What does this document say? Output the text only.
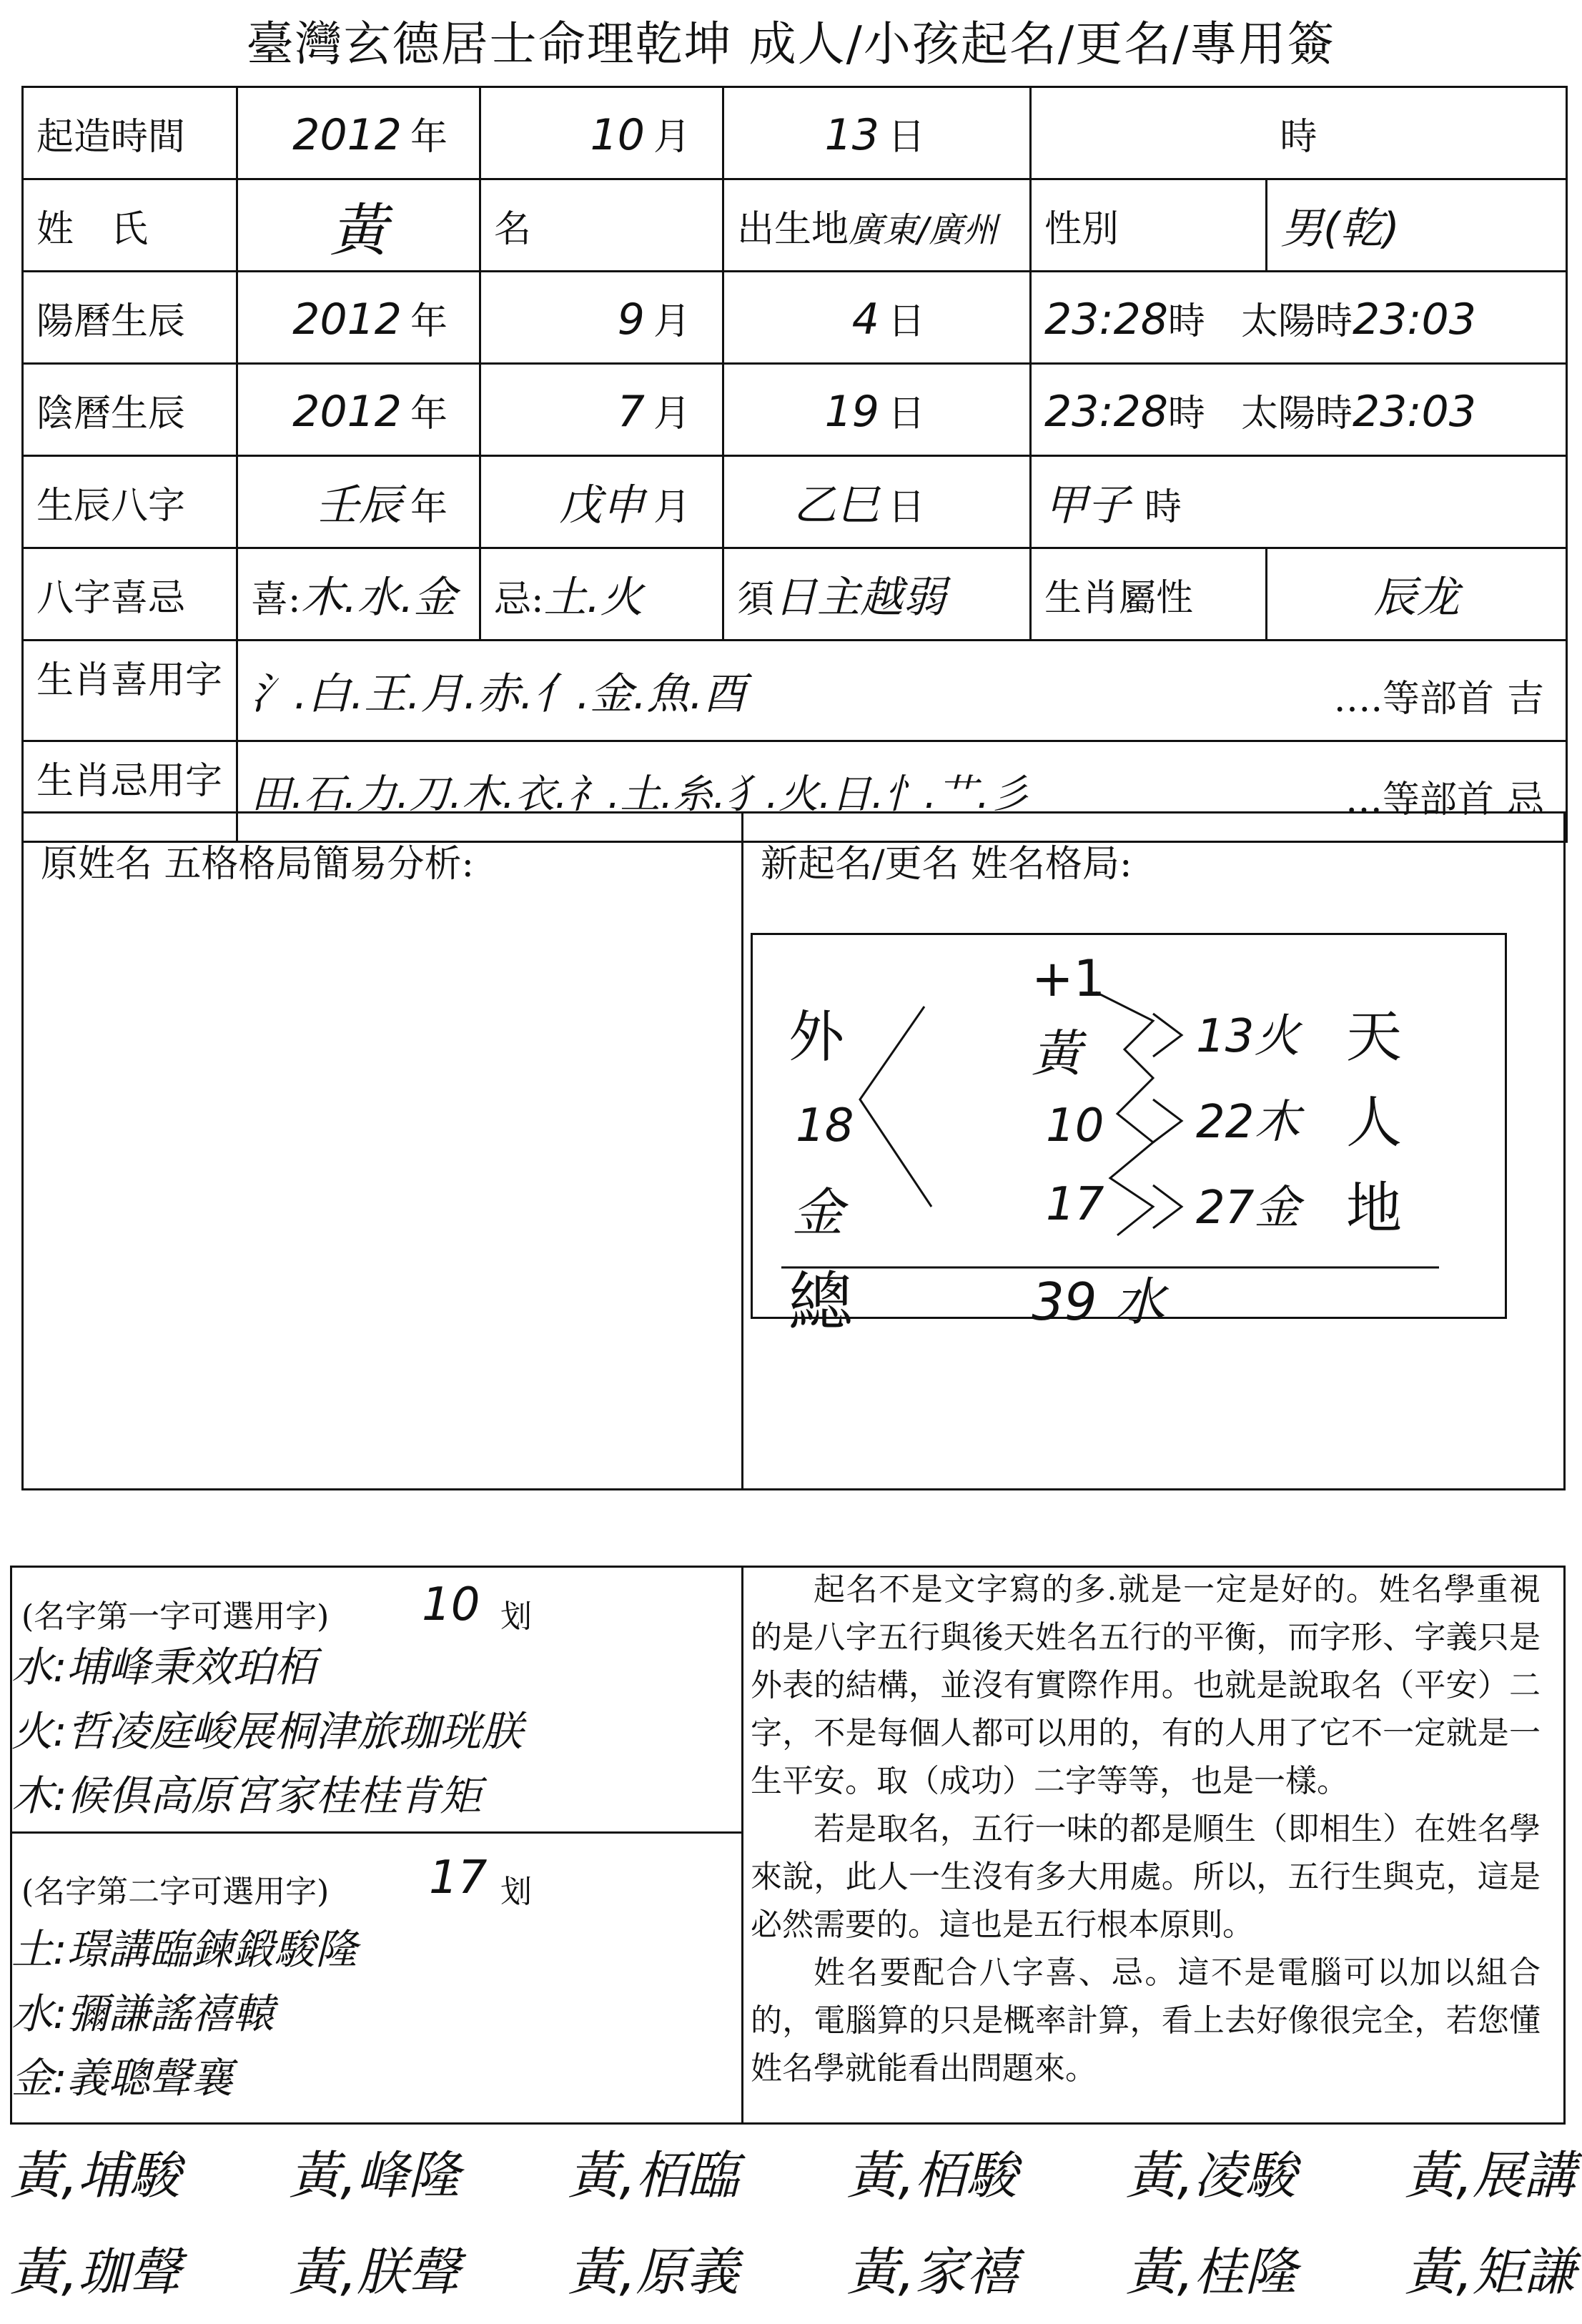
臺灣玄德居士命理乾坤 成人/小孩起名/更名/專用簽
起造時間	2012 年	10 月	13 日	時	
姓　氏	黃	名	出生地廣東/廣州	性別	男(乾)
陽曆生辰	2012 年	9 月	4 日	23:28時 太陽時23:03	
陰曆生辰	2012 年	7 月	19 日	23:28時 太陽時23:03	
生辰八字	壬辰 年	戊申 月	乙巳 日	甲子 時	
八字喜忌	喜:木.水.金	忌:土.火	須日主越弱	生肖屬性	辰龙
生肖喜用字	氵.白.王.月.赤.亻.金.魚.酉 ….等部首 吉				

生肖忌用字	田.石.力.刀.木.衣.礻.土.糸.犭.火.日.忄.艹.彡 …等部首 忌				
原姓名 五格格局簡易分析:	新起名/更名 姓名格局:
外
18
金
+1
黃
10
17
13火
22木
27金
天
人
地
總	39 水
(名字第一字可選用字) 10 划
水:埔峰秉效珀栢
火:哲凌庭峻展桐津旅珈珖朕
木:候俱高原宮家桂桂肯矩
(名字第二字可選用字) 17 划
土:璟講臨鍊鍛駿隆
水:彌謙謠禧轅
金:義聰聲襄

起名不是文字寫的多.就是一定是好的。姓名學重視的是八字五行與後天姓名五行的平衡，而字形、字義只是外表的結構，並沒有實際作用。也就是說取名（平安）二字，不是每個人都可以用的，有的人用了它不一定就是一生平安。取（成功）二字等等，也是一樣。

若是取名，五行一味的都是順生（即相生）在姓名學來說，此人一生沒有多大用處。所以，五行生與克，這是必然需要的。這也是五行根本原則。

姓名要配合八字喜、忌。這不是電腦可以加以組合的，電腦算的只是概率計算，看上去好像很完全，若您懂姓名學就能看出問題來。

黃,埔駿 黃,峰隆 黃,栢臨 黃,栢駿 黃,凌駿 黃,展講
黃,珈聲 黃,朕聲 黃,原義 黃,家禧 黃,桂隆 黃,矩謙
